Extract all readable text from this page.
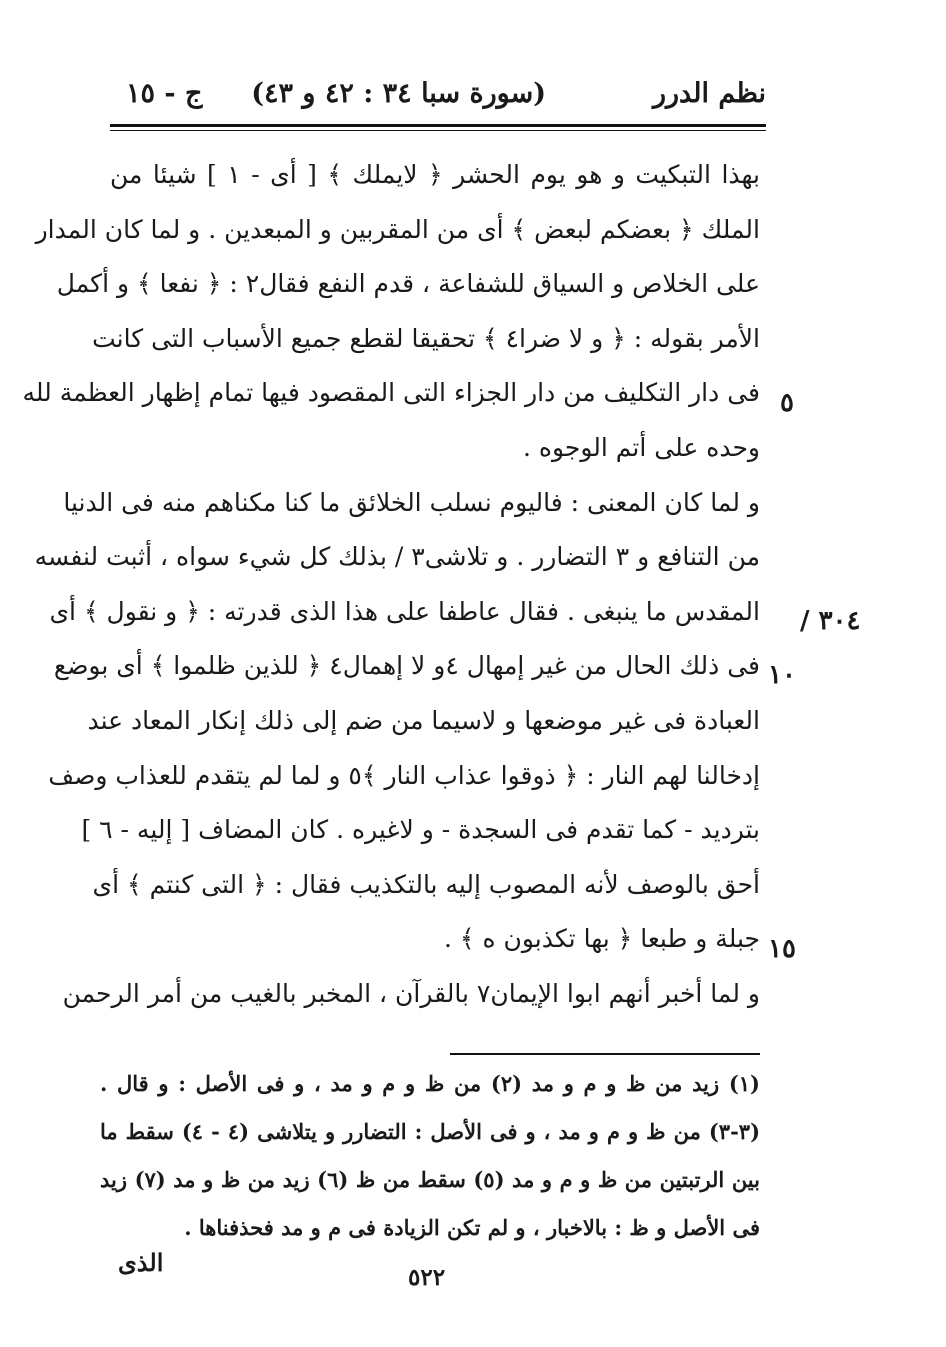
نظم الدرر
(سورة سبا ٣٤ : ٤٢ و ٤٣)
ج - ١٥
بهذا التبكيت و هو يوم الحشر ﴿ لايملك ﴾ [ أى - ١ ] شيئا من
الملك ﴿ بعضكم لبعض ﴾ أى من المقربين و المبعدين . و لما كان المدار
على الخلاص و السياق للشفاعة ، قدم النفع فقال٢ : ﴿ نفعا ﴾ و أكمل
الأمر بقوله : ﴿ و لا ضرا٤ ﴾ تحقيقا لقطع جميع الأسباب التى كانت
فى دار التكليف من دار الجزاء التى المقصود فيها تمام إظهار العظمة لله
وحده على أتم الوجوه .
و لما كان المعنى : فاليوم نسلب الخلائق ما كنا مكناهم منه فى الدنيا
من التنافع و ٣ التضارر . و تلاشى٣ / بذلك كل شيء سواه ، أثبت لنفسه
المقدس ما ينبغى . فقال عاطفا على هذا الذى قدرته : ﴿ و نقول ﴾ أى
فى ذلك الحال من غير إمهال ٤و لا إهمال٤ ﴿ للذين ظلموا ﴾ أى بوضع
العبادة فى غير موضعها و لاسيما من ضم إلى ذلك إنكار المعاد عند
إدخالنا لهم النار : ﴿ ذوقوا عذاب النار ﴾٥ و لما لم يتقدم للعذاب وصف
بترديد - كما تقدم فى السجدة - و لاغيره . كان المضاف [ إليه - ٦ ]
أحق بالوصف لأنه المصوب إليه بالتكذيب فقال : ﴿ التى كنتم ﴾ أى
جبلة و طبعا ﴿ بها تكذبون ه ﴾ .
و لما أخبر أنهم ابوا الإيمان٧ بالقرآن ، المخبر بالغيب من أمر الرحمن
٥
٣٠٤ /
١٠
١٥
(١) زيد من ظ و م و مد (٢) من ظ و م و مد ، و فى الأصل : و قال .
(٣-٣) من ظ و م و مد ، و فى الأصل : التضارر و يتلاشى (٤ - ٤) سقط ما
بين الرتبتين من ظ و م و مد (٥) سقط من ظ (٦) زيد من ظ و مد (٧) زيد
فى الأصل و ظ : بالاخبار ، و لم تكن الزيادة فى م و مد فحذفناها .
الذى
٥٢٢
